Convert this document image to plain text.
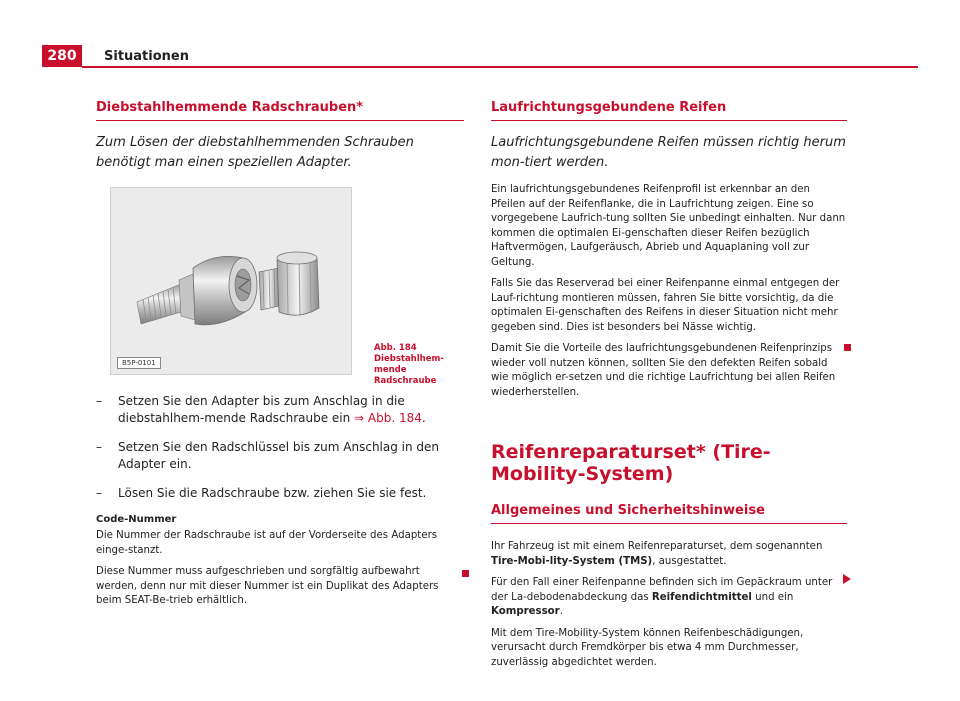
280	Situationen
Diebstahlhemmende Radschrauben*

Zum Lösen der diebstahlhemmenden Schrauben benötigt man einen speziellen Adapter.

B5P-0101
Abb. 184 Diebstahlhem-mende Radschraube
– Setzen Sie den Adapter bis zum Anschlag in die diebstahlhem-mende Radschraube ein ⇒ Abb. 184.
– Setzen Sie den Radschlüssel bis zum Anschlag in den Adapter ein.
– Lösen Sie die Radschraube bzw. ziehen Sie sie fest.

Code-Nummer

Die Nummer der Radschraube ist auf der Vorderseite des Adapters einge-stanzt.

Diese Nummer muss aufgeschrieben und sorgfältig aufbewahrt werden, denn nur mit dieser Nummer ist ein Duplikat des Adapters beim SEAT-Be-trieb erhältlich.

Laufrichtungsgebundene Reifen

Laufrichtungsgebundene Reifen müssen richtig herum mon-tiert werden.

Ein laufrichtungsgebundenes Reifenprofil ist erkennbar an den Pfeilen auf der Reifenflanke, die in Laufrichtung zeigen. Eine so vorgegebene Laufrich-tung sollten Sie unbedingt einhalten. Nur dann kommen die optimalen Ei-genschaften dieser Reifen bezüglich Haftvermögen, Laufgeräusch, Abrieb und Aquaplaning voll zur Geltung.

Falls Sie das Reserverad bei einer Reifenpanne einmal entgegen der Lauf-richtung montieren müssen, fahren Sie bitte vorsichtig, da die optimalen Ei-genschaften des Reifens in dieser Situation nicht mehr gegeben sind. Dies ist besonders bei Nässe wichtig.

Damit Sie die Vorteile des laufrichtungsgebundenen Reifenprinzips wieder voll nutzen können, sollten Sie den defekten Reifen sobald wie möglich er-setzen und die richtige Laufrichtung bei allen Reifen wiederherstellen.

Reifenreparaturset* (Tire-Mobility-System)
Allgemeines und Sicherheitshinweise

Ihr Fahrzeug ist mit einem Reifenreparaturset, dem sogenannten Tire-Mobi-lity-System (TMS), ausgestattet.

Für den Fall einer Reifenpanne befinden sich im Gepäckraum unter der La-debodenabdeckung das Reifendichtmittel und ein Kompressor.

Mit dem Tire-Mobility-System können Reifenbeschädigungen, verursacht durch Fremdkörper bis etwa 4 mm Durchmesser, zuverlässig abgedichtet werden.
